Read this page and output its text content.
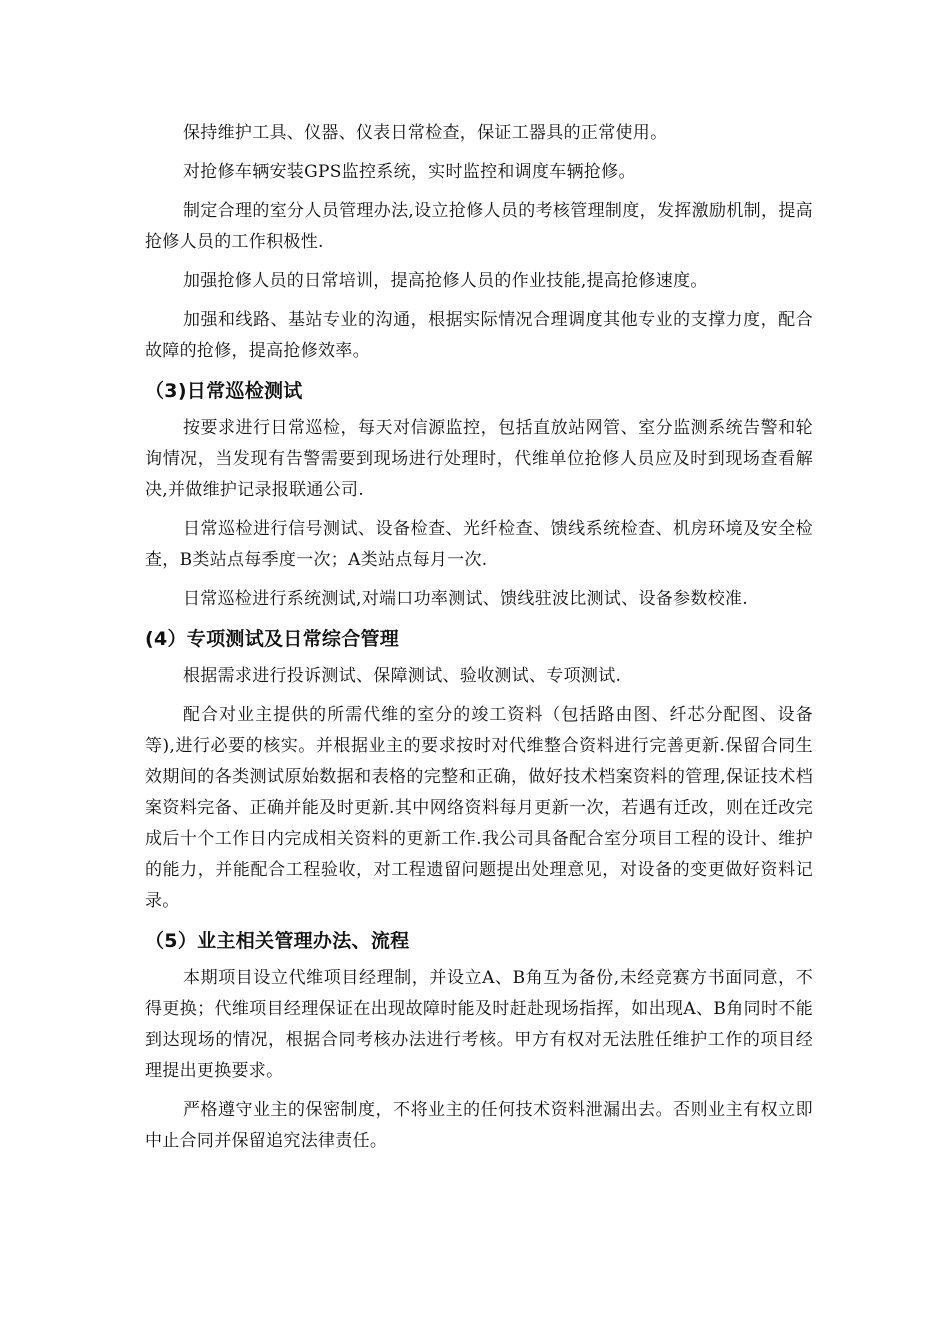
保持维护工具、仪器、仪表日常检查，保证工器具的正常使用。

对抢修车辆安装GPS监控系统，实时监控和调度车辆抢修。

制定合理的室分人员管理办法,设立抢修人员的考核管理制度，发挥激励机制，提高抢修人员的工作积极性.

加强抢修人员的日常培训，提高抢修人员的作业技能,提高抢修速度。

加强和线路、基站专业的沟通，根据实际情况合理调度其他专业的支撑力度，配合故障的抢修，提高抢修效率。

（3)日常巡检测试

按要求进行日常巡检，每天对信源监控，包括直放站网管、室分监测系统告警和轮询情况，当发现有告警需要到现场进行处理时，代维单位抢修人员应及时到现场查看解决,并做维护记录报联通公司.

日常巡检进行信号测试、设备检查、光纤检查、馈线系统检查、机房环境及安全检查，B类站点每季度一次；A类站点每月一次.

日常巡检进行系统测试,对端口功率测试、馈线驻波比测试、设备参数校准.

(4）专项测试及日常综合管理

根据需求进行投诉测试、保障测试、验收测试、专项测试.

配合对业主提供的所需代维的室分的竣工资料（包括路由图、纤芯分配图、设备等),进行必要的核实。并根据业主的要求按时对代维整合资料进行完善更新.保留合同生效期间的各类测试原始数据和表格的完整和正确，做好技术档案资料的管理,保证技术档案资料完备、正确并能及时更新.其中网络资料每月更新一次，若遇有迁改，则在迁改完成后十个工作日内完成相关资料的更新工作.我公司具备配合室分项目工程的设计、维护的能力，并能配合工程验收，对工程遗留问题提出处理意见，对设备的变更做好资料记录。

（5）业主相关管理办法、流程

本期项目设立代维项目经理制，并设立A、B角互为备份,未经竞赛方书面同意，不得更换；代维项目经理保证在出现故障时能及时赶赴现场指挥，如出现A、B角同时不能到达现场的情况，根据合同考核办法进行考核。甲方有权对无法胜任维护工作的项目经理提出更换要求。

严格遵守业主的保密制度，不将业主的任何技术资料泄漏出去。否则业主有权立即中止合同并保留追究法律责任。
